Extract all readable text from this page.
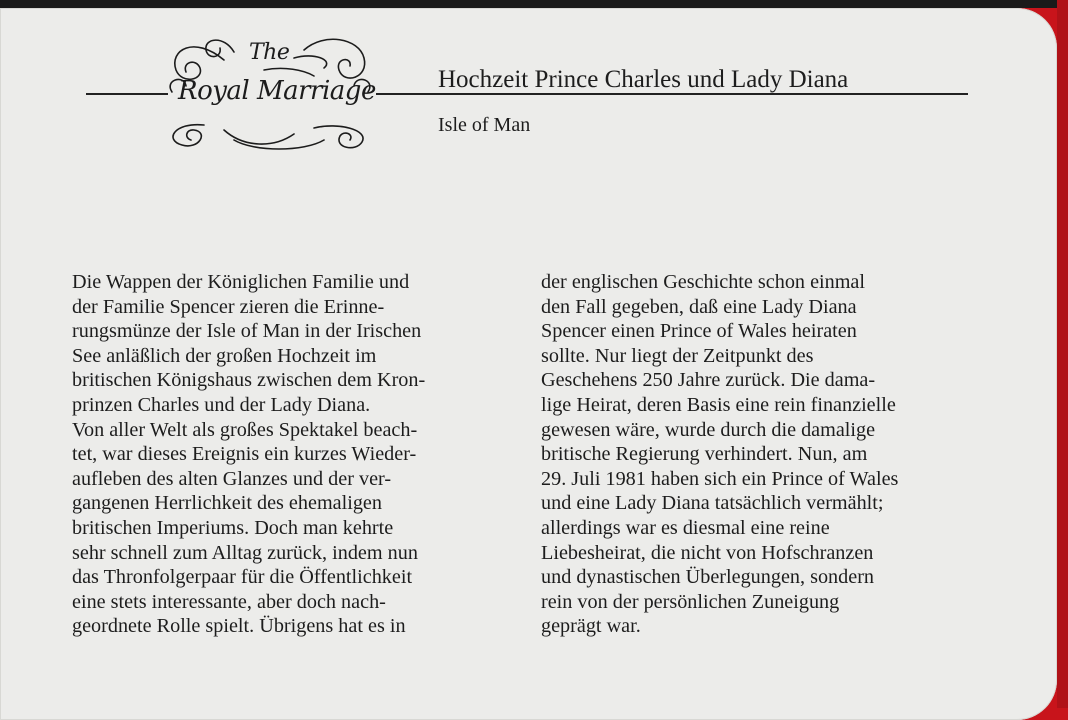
The
Royal Marriage Hochzeit Prince Charles und Lady Diana
Isle of Man
Die Wappen der Königlichen Familie und
der Familie Spencer zieren die Erinne-
rungsmünze der Isle of Man in der Irischen
See anläßlich der großen Hochzeit im
britischen Königshaus zwischen dem Kron-
prinzen Charles und der Lady Diana.
Von aller Welt als großes Spektakel beach-
tet, war dieses Ereignis ein kurzes Wieder-
aufleben des alten Glanzes und der ver-
gangenen Herrlichkeit des ehemaligen
britischen Imperiums. Doch man kehrte
sehr schnell zum Alltag zurück, indem nun
das Thronfolgerpaar für die Öffentlichkeit
eine stets interessante, aber doch nach-
geordnete Rolle spielt. Übrigens hat es in
der englischen Geschichte schon einmal
den Fall gegeben, daß eine Lady Diana
Spencer einen Prince of Wales heiraten
sollte. Nur liegt der Zeitpunkt des
Geschehens 250 Jahre zurück. Die dama-
lige Heirat, deren Basis eine rein finanzielle
gewesen wäre, wurde durch die damalige
britische Regierung verhindert. Nun, am
29. Juli 1981 haben sich ein Prince of Wales
und eine Lady Diana tatsächlich vermählt;
allerdings war es diesmal eine reine
Liebesheirat, die nicht von Hofschranzen
und dynastischen Überlegungen, sondern
rein von der persönlichen Zuneigung
geprägt war.
